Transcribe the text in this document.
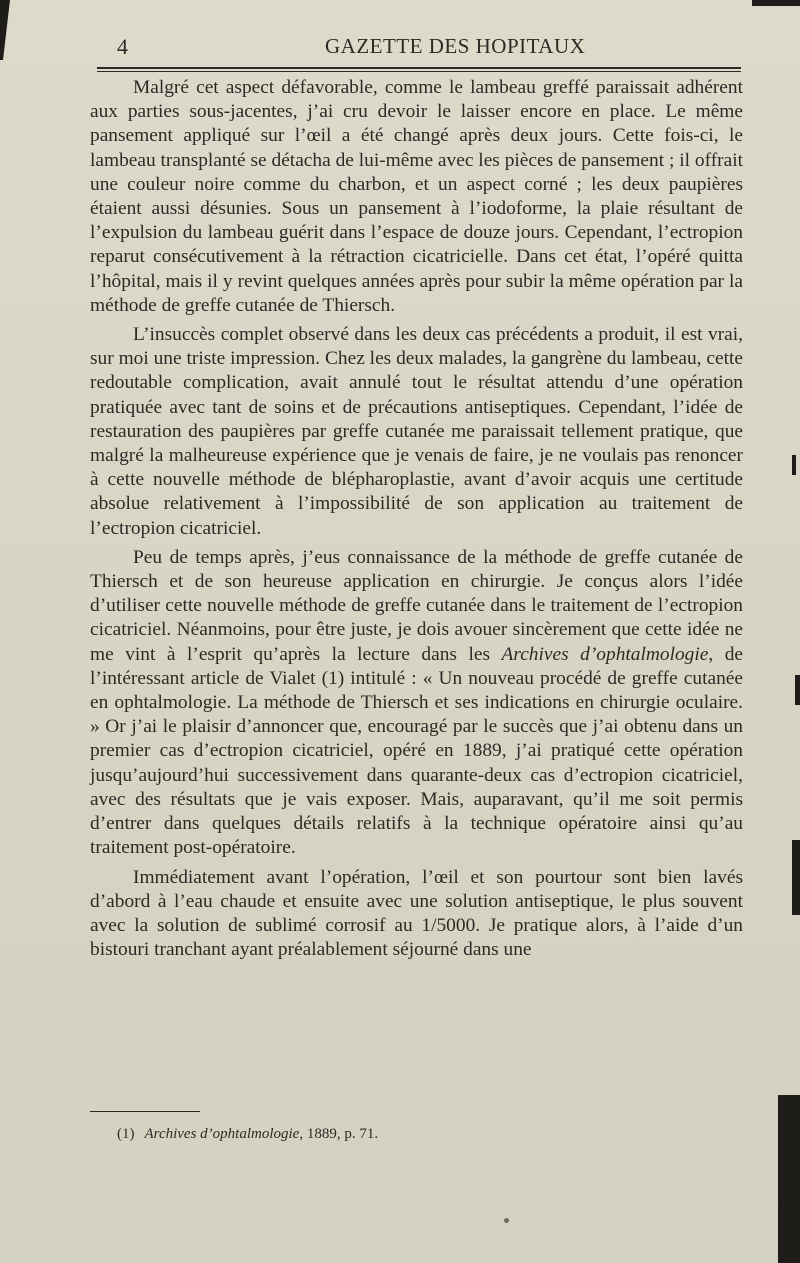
4	GAZETTE DES HOPITAUX

Malgré cet aspect défavorable, comme le lambeau greffé paraissait adhérent aux parties sous-jacentes, j’ai cru devoir le laisser encore en place. Le même pansement appliqué sur l’œil a été changé après deux jours. Cette fois-ci, le lambeau transplanté se détacha de lui-même avec les pièces de pansement ; il offrait une couleur noire comme du charbon, et un aspect corné ; les deux paupières étaient aussi désunies. Sous un pansement à l’iodoforme, la plaie résultant de l’expulsion du lambeau guérit dans l’espace de douze jours. Cependant, l’ectropion reparut consécutivement à la rétraction cicatricielle. Dans cet état, l’opéré quitta l’hôpital, mais il y revint quelques années après pour subir la même opération par la méthode de greffe cutanée de Thiersch.

L’insuccès complet observé dans les deux cas précédents a produit, il est vrai, sur moi une triste impression. Chez les deux malades, la gangrène du lambeau, cette redoutable complication, avait annulé tout le résultat attendu d’une opération pratiquée avec tant de soins et de précautions antiseptiques. Cependant, l’idée de restauration des paupières par greffe cutanée me paraissait tellement pratique, que malgré la malheureuse expérience que je venais de faire, je ne voulais pas renoncer à cette nouvelle méthode de blépharoplastie, avant d’avoir acquis une certitude absolue relativement à l’impossibilité de son application au traitement de l’ectropion cicatriciel.

Peu de temps après, j’eus connaissance de la méthode de greffe cutanée de Thiersch et de son heureuse application en chirurgie. Je conçus alors l’idée d’utiliser cette nouvelle méthode de greffe cutanée dans le traitement de l’ectropion cicatriciel. Néanmoins, pour être juste, je dois avouer sincèrement que cette idée ne me vint à l’esprit qu’après la lecture dans les Archives d’ophtalmologie, de l’intéressant article de Vialet (1) intitulé : « Un nouveau procédé de greffe cutanée en ophtalmologie. La méthode de Thiersch et ses indications en chirurgie oculaire. » Or j’ai le plaisir d’annoncer que, encouragé par le succès que j’ai obtenu dans un premier cas d’ectropion cicatriciel, opéré en 1889, j’ai pratiqué cette opération jusqu’aujourd’hui successivement dans quarante-deux cas d’ectropion cicatriciel, avec des résultats que je vais exposer. Mais, auparavant, qu’il me soit permis d’entrer dans quelques détails relatifs à la technique opératoire ainsi qu’au traitement post-opératoire.

Immédiatement avant l’opération, l’œil et son pourtour sont bien lavés d’abord à l’eau chaude et ensuite avec une solution antiseptique, le plus souvent avec la solution de sublimé corrosif au 1/5000. Je pratique alors, à l’aide d’un bistouri tranchant ayant préalablement séjourné dans une

(1) Archives d’ophtalmologie, 1889, p. 71.
